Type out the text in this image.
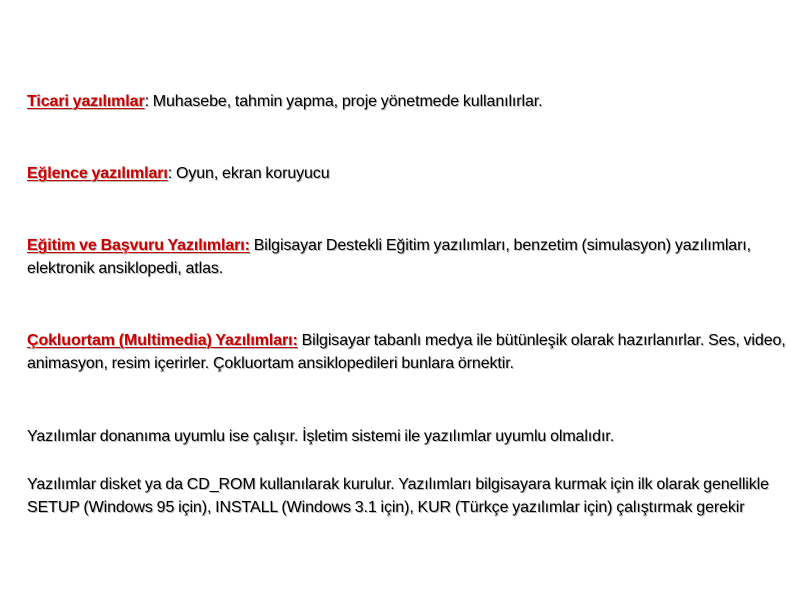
Ticari yazılımlar: Muhasebe, tahmin yapma, proje yönetmede kullanılırlar.
Eğlence yazılımları: Oyun, ekran koruyucu
Eğitim ve Başvuru Yazılımları: Bilgisayar Destekli Eğitim yazılımları, benzetim (simulasyon) yazılımları, elektronik ansiklopedi, atlas.
Çokluortam (Multimedia) Yazılımları: Bilgisayar tabanlı medya ile bütünleşik olarak hazırlanırlar. Ses, video, animasyon, resim içerirler. Çokluortam ansiklopedileri bunlara örnektir.
Yazılımlar donanıma uyumlu ise çalışır. İşletim sistemi ile yazılımlar uyumlu olmalıdır.
Yazılımlar disket ya da CD_ROM kullanılarak kurulur. Yazılımları bilgisayara kurmak için ilk olarak genellikle SETUP (Windows 95 için), INSTALL (Windows 3.1 için), KUR (Türkçe yazılımlar için) çalıştırmak gerekir
